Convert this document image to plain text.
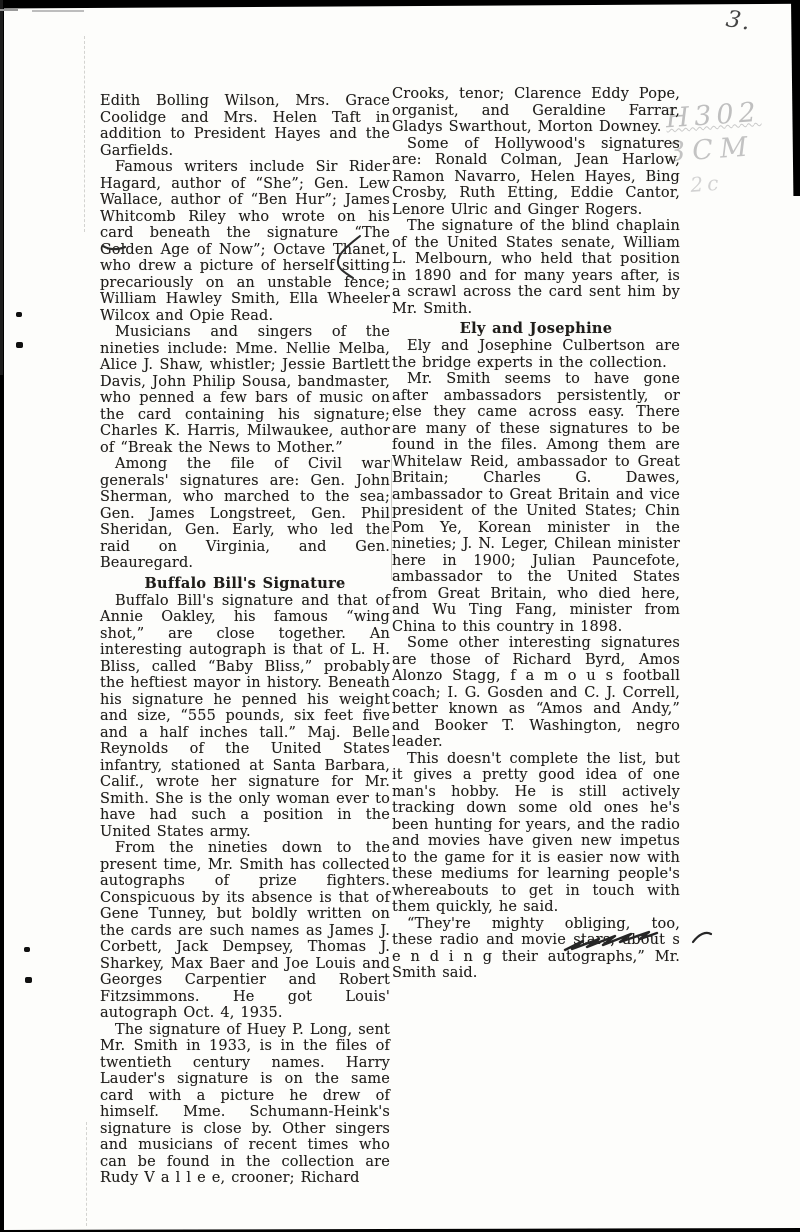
3.
H302
3CM
2c

Edith Bolling Wilson, Mrs. Grace Coolidge and Mrs. Helen Taft in addition to President Hayes and the Garfields.

Famous writers include Sir Rider Hagard, author of “She”; Gen. Lew Wallace, author of “Ben Hur”; James Whitcomb Riley who wrote on his card beneath the signature “The Golden Age of Now”; Octave Thanet, who drew a picture of herself sitting precariously on an unstable fence; William Hawley Smith, Ella Wheeler Wilcox and Opie Read.

Musicians and singers of the nineties include: Mme. Nellie Melba, Alice J. Shaw, whistler; Jessie Bartlett Davis, John Philip Sousa, bandmaster, who penned a few bars of music on the card containing his signature; Charles K. Harris, Milwaukee, author of “Break the News to Mother.”

Among the file of Civil war generals' signatures are: Gen. John Sherman, who marched to the sea; Gen. James Longstreet, Gen. Phil Sheridan, Gen. Early, who led the raid on Virginia, and Gen. Beauregard.

Buffalo Bill's Signature

Buffalo Bill's signature and that of Annie Oakley, his famous “wing shot,” are close together. An interesting autograph is that of L. H. Bliss, called “Baby Bliss,” probably the heftiest mayor in history. Beneath his signature he penned his weight and size, “555 pounds, six feet five and a half inches tall.” Maj. Belle Reynolds of the United States infantry, stationed at Santa Barbara, Calif., wrote her signature for Mr. Smith. She is the only woman ever to have had such a position in the United States army.

From the nineties down to the present time, Mr. Smith has collected autographs of prize fighters. Conspicuous by its absence is that of Gene Tunney, but boldly written on the cards are such names as James J. Corbett, Jack Dempsey, Thomas J. Sharkey, Max Baer and Joe Louis and Georges Carpentier and Robert Fitzsimmons. He got Louis' autograph Oct. 4, 1935.

The signature of Huey P. Long, sent Mr. Smith in 1933, is in the files of twentieth century names. Harry Lauder's signature is on the same card with a picture he drew of himself. Mme. Schumann-Heink's signature is close by. Other singers and musicians of recent times who can be found in the collection are Rudy V a l l e e, crooner; Richard

Crooks, tenor; Clarence Eddy Pope, organist, and Geraldine Farrar, Gladys Swarthout, Morton Downey.

Some of Hollywood's signatures are: Ronald Colman, Jean Harlow, Ramon Navarro, Helen Hayes, Bing Crosby, Ruth Etting, Eddie Cantor, Lenore Ulric and Ginger Rogers.

The signature of the blind chaplain of the United States senate, William L. Melbourn, who held that position in 1890 and for many years after, is a scrawl across the card sent him by Mr. Smith.

Ely and Josephine

Ely and Josephine Culbertson are the bridge experts in the collection.

Mr. Smith seems to have gone after ambassadors persistently, or else they came across easy. There are many of these signatures to be found in the files. Among them are Whitelaw Reid, ambassador to Great Britain; Charles G. Dawes, ambassador to Great Britain and vice president of the United States; Chin Pom Ye, Korean minister in the nineties; J. N. Leger, Chilean minister here in 1900; Julian Pauncefote, ambassador to the United States from Great Britain, who died here, and Wu Ting Fang, minister from China to this country in 1898.

Some other interesting signatures are those of Richard Byrd, Amos Alonzo Stagg, f a m o u s football coach; I. G. Gosden and C. J. Correll, better known as “Amos and Andy,” and Booker T. Washington, negro leader.

This doesn't complete the list, but it gives a pretty good idea of one man's hobby. He is still actively tracking down some old ones he's been hunting for years, and the radio and movies have given new impetus to the game for it is easier now with these mediums for learning people's whereabouts to get in touch with them quickly, he said.

“They're mighty obliging, too, these radio and movie stars, about s e n d i n g their autographs,” Mr. Smith said.
